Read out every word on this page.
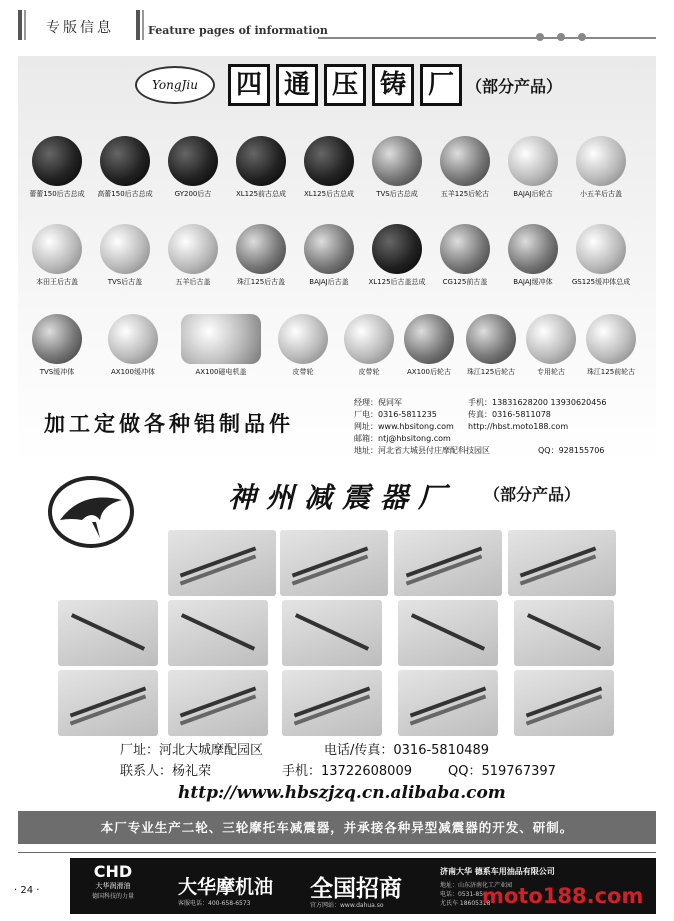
专版信息	Feature pages of information
YongJiu	四 通 压 铸 厂 （部分产品）
蕾蕾150后古总成	高蕾150后古总成	GY200后古	XL125前古总成	XL125后古总成	TVS后古总成	五羊125后轮古	BAJAJ后轮古	小五羊后古盖
本田王后古盖	TVS后古盖	五羊后古盖	珠江125后古盖	BAJAJ后古盖	XL125后古盖总成	CG125前古盖	BAJAJ缓冲体	GS125缓冲体总成
TVS缓冲体	AX100缓冲体	AX100磁电机盖	皮带轮	皮带轮	AX100后轮古	珠江125后轮古	专用轮古	珠江125前轮古
加工定做各种铝制品件
经理：倪同军	手机：13831628200 13930620456
厂电：0316-5811235	传真：0316-5811078
网址：www.hbsitong.com http://hbst.moto188.com
邮箱：ntj@hbsitong.com
地址：河北省大城县付庄摩配科技园区	QQ：928155706
神州减震器厂 （部分产品）
厂址：河北大城摩配园区	电话/传真：0316-5810489
联系人：杨礼荣	手机：13722608009	QQ：519767397
http://www.hbszjzq.cn.alibaba.com
本厂专业生产二轮、三轮摩托车减震器，并承接各种异型减震器的开发、研制。
· 24 ·
CHD
大华润滑油
德国科技的力量	大华摩机油
客服电话：400-658-6573
全国招商
官方网站：www.dahua.so
济南大华 德系车用油品有限公司
地址：山东济南化工产业园
电话：0531-850
尤氏车 18605318
moto188.com
